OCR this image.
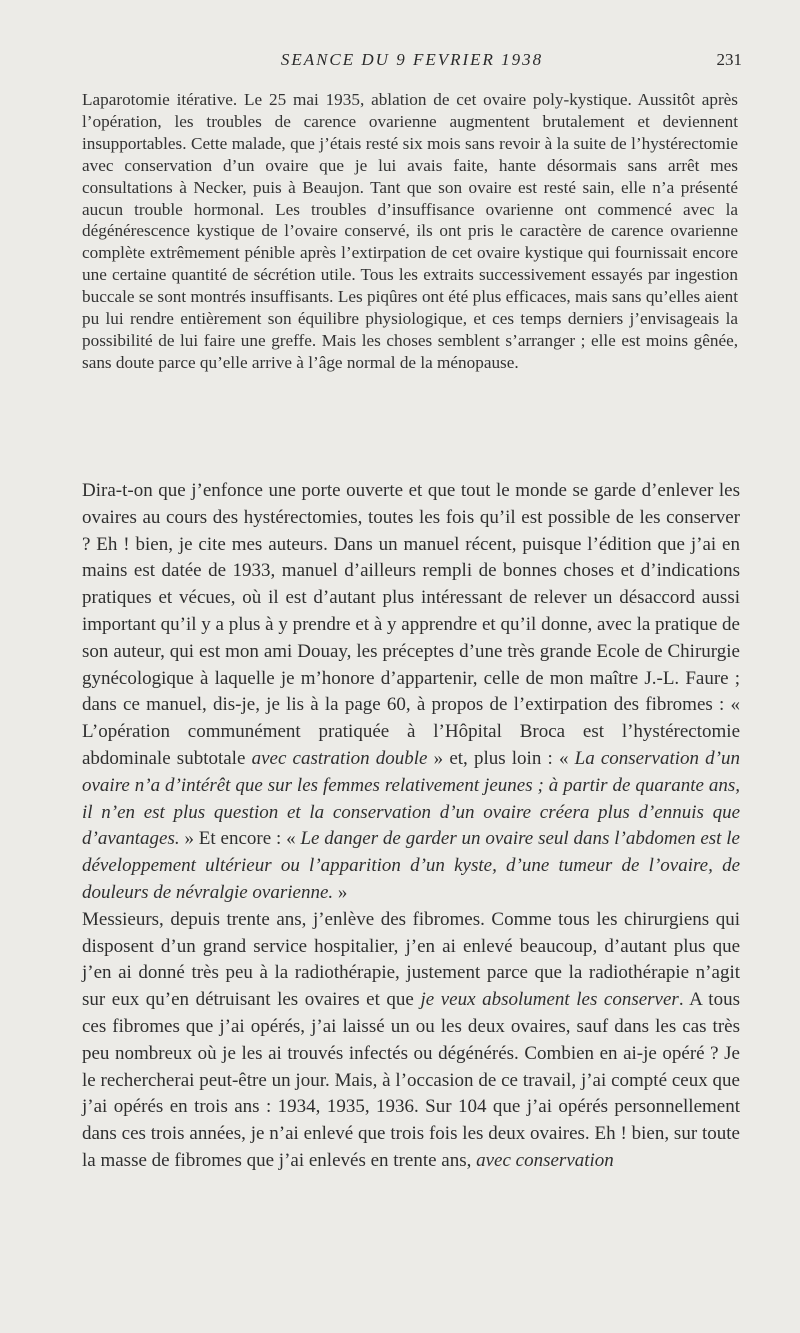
SEANCE DU 9 FEVRIER 1938	231

Laparotomie itérative. Le 25 mai 1935, ablation de cet ovaire poly-kystique. Aussitôt après l’opération, les troubles de carence ovarienne augmentent brutalement et deviennent insupportables. Cette malade, que j’étais resté six mois sans revoir à la suite de l’hystérectomie avec conservation d’un ovaire que je lui avais faite, hante désormais sans arrêt mes consultations à Necker, puis à Beaujon. Tant que son ovaire est resté sain, elle n’a présenté aucun trouble hormonal. Les troubles d’insuffisance ovarienne ont commencé avec la dégénérescence kystique de l’ovaire conservé, ils ont pris le caractère de carence ovarienne complète extrêmement pénible après l’extirpation de cet ovaire kystique qui fournissait encore une certaine quantité de sécrétion utile. Tous les extraits successivement essayés par ingestion buccale se sont montrés insuffisants. Les piqûres ont été plus efficaces, mais sans qu’elles aient pu lui rendre entièrement son équilibre physiologique, et ces temps derniers j’envisageais la possibilité de lui faire une greffe. Mais les choses semblent s’arranger ; elle est moins gênée, sans doute parce qu’elle arrive à l’âge normal de la ménopause.

Dira-t-on que j’enfonce une porte ouverte et que tout le monde se garde d’enlever les ovaires au cours des hystérectomies, toutes les fois qu’il est possible de les conserver ? Eh ! bien, je cite mes auteurs. Dans un manuel récent, puisque l’édition que j’ai en mains est datée de 1933, manuel d’ailleurs rempli de bonnes choses et d’indications pratiques et vécues, où il est d’autant plus intéressant de relever un désaccord aussi important qu’il y a plus à y prendre et à y apprendre et qu’il donne, avec la pratique de son auteur, qui est mon ami Douay, les préceptes d’une très grande Ecole de Chirurgie gynécologique à laquelle je m’honore d’appartenir, celle de mon maître J.-L. Faure ; dans ce manuel, dis-je, je lis à la page 60, à propos de l’extirpation des fibromes : « L’opération communément pratiquée à l’Hôpital Broca est l’hystérectomie abdominale subtotale avec castration double » et, plus loin : « La conservation d’un ovaire n’a d’intérêt que sur les femmes relativement jeunes ; à partir de quarante ans, il n’en est plus question et la conservation d’un ovaire créera plus d’ennuis que d’avantages. » Et encore : « Le danger de garder un ovaire seul dans l’abdomen est le développement ultérieur ou l’apparition d’un kyste, d’une tumeur de l’ovaire, de douleurs de névralgie ovarienne. »

Messieurs, depuis trente ans, j’enlève des fibromes. Comme tous les chirurgiens qui disposent d’un grand service hospitalier, j’en ai enlevé beaucoup, d’autant plus que j’en ai donné très peu à la radiothérapie, justement parce que la radiothérapie n’agit sur eux qu’en détruisant les ovaires et que je veux absolument les conserver. A tous ces fibromes que j’ai opérés, j’ai laissé un ou les deux ovaires, sauf dans les cas très peu nombreux où je les ai trouvés infectés ou dégénérés. Combien en ai-je opéré ? Je le rechercherai peut-être un jour. Mais, à l’occasion de ce travail, j’ai compté ceux que j’ai opérés en trois ans : 1934, 1935, 1936. Sur 104 que j’ai opérés personnellement dans ces trois années, je n’ai enlevé que trois fois les deux ovaires. Eh ! bien, sur toute la masse de fibromes que j’ai enlevés en trente ans, avec conservation
